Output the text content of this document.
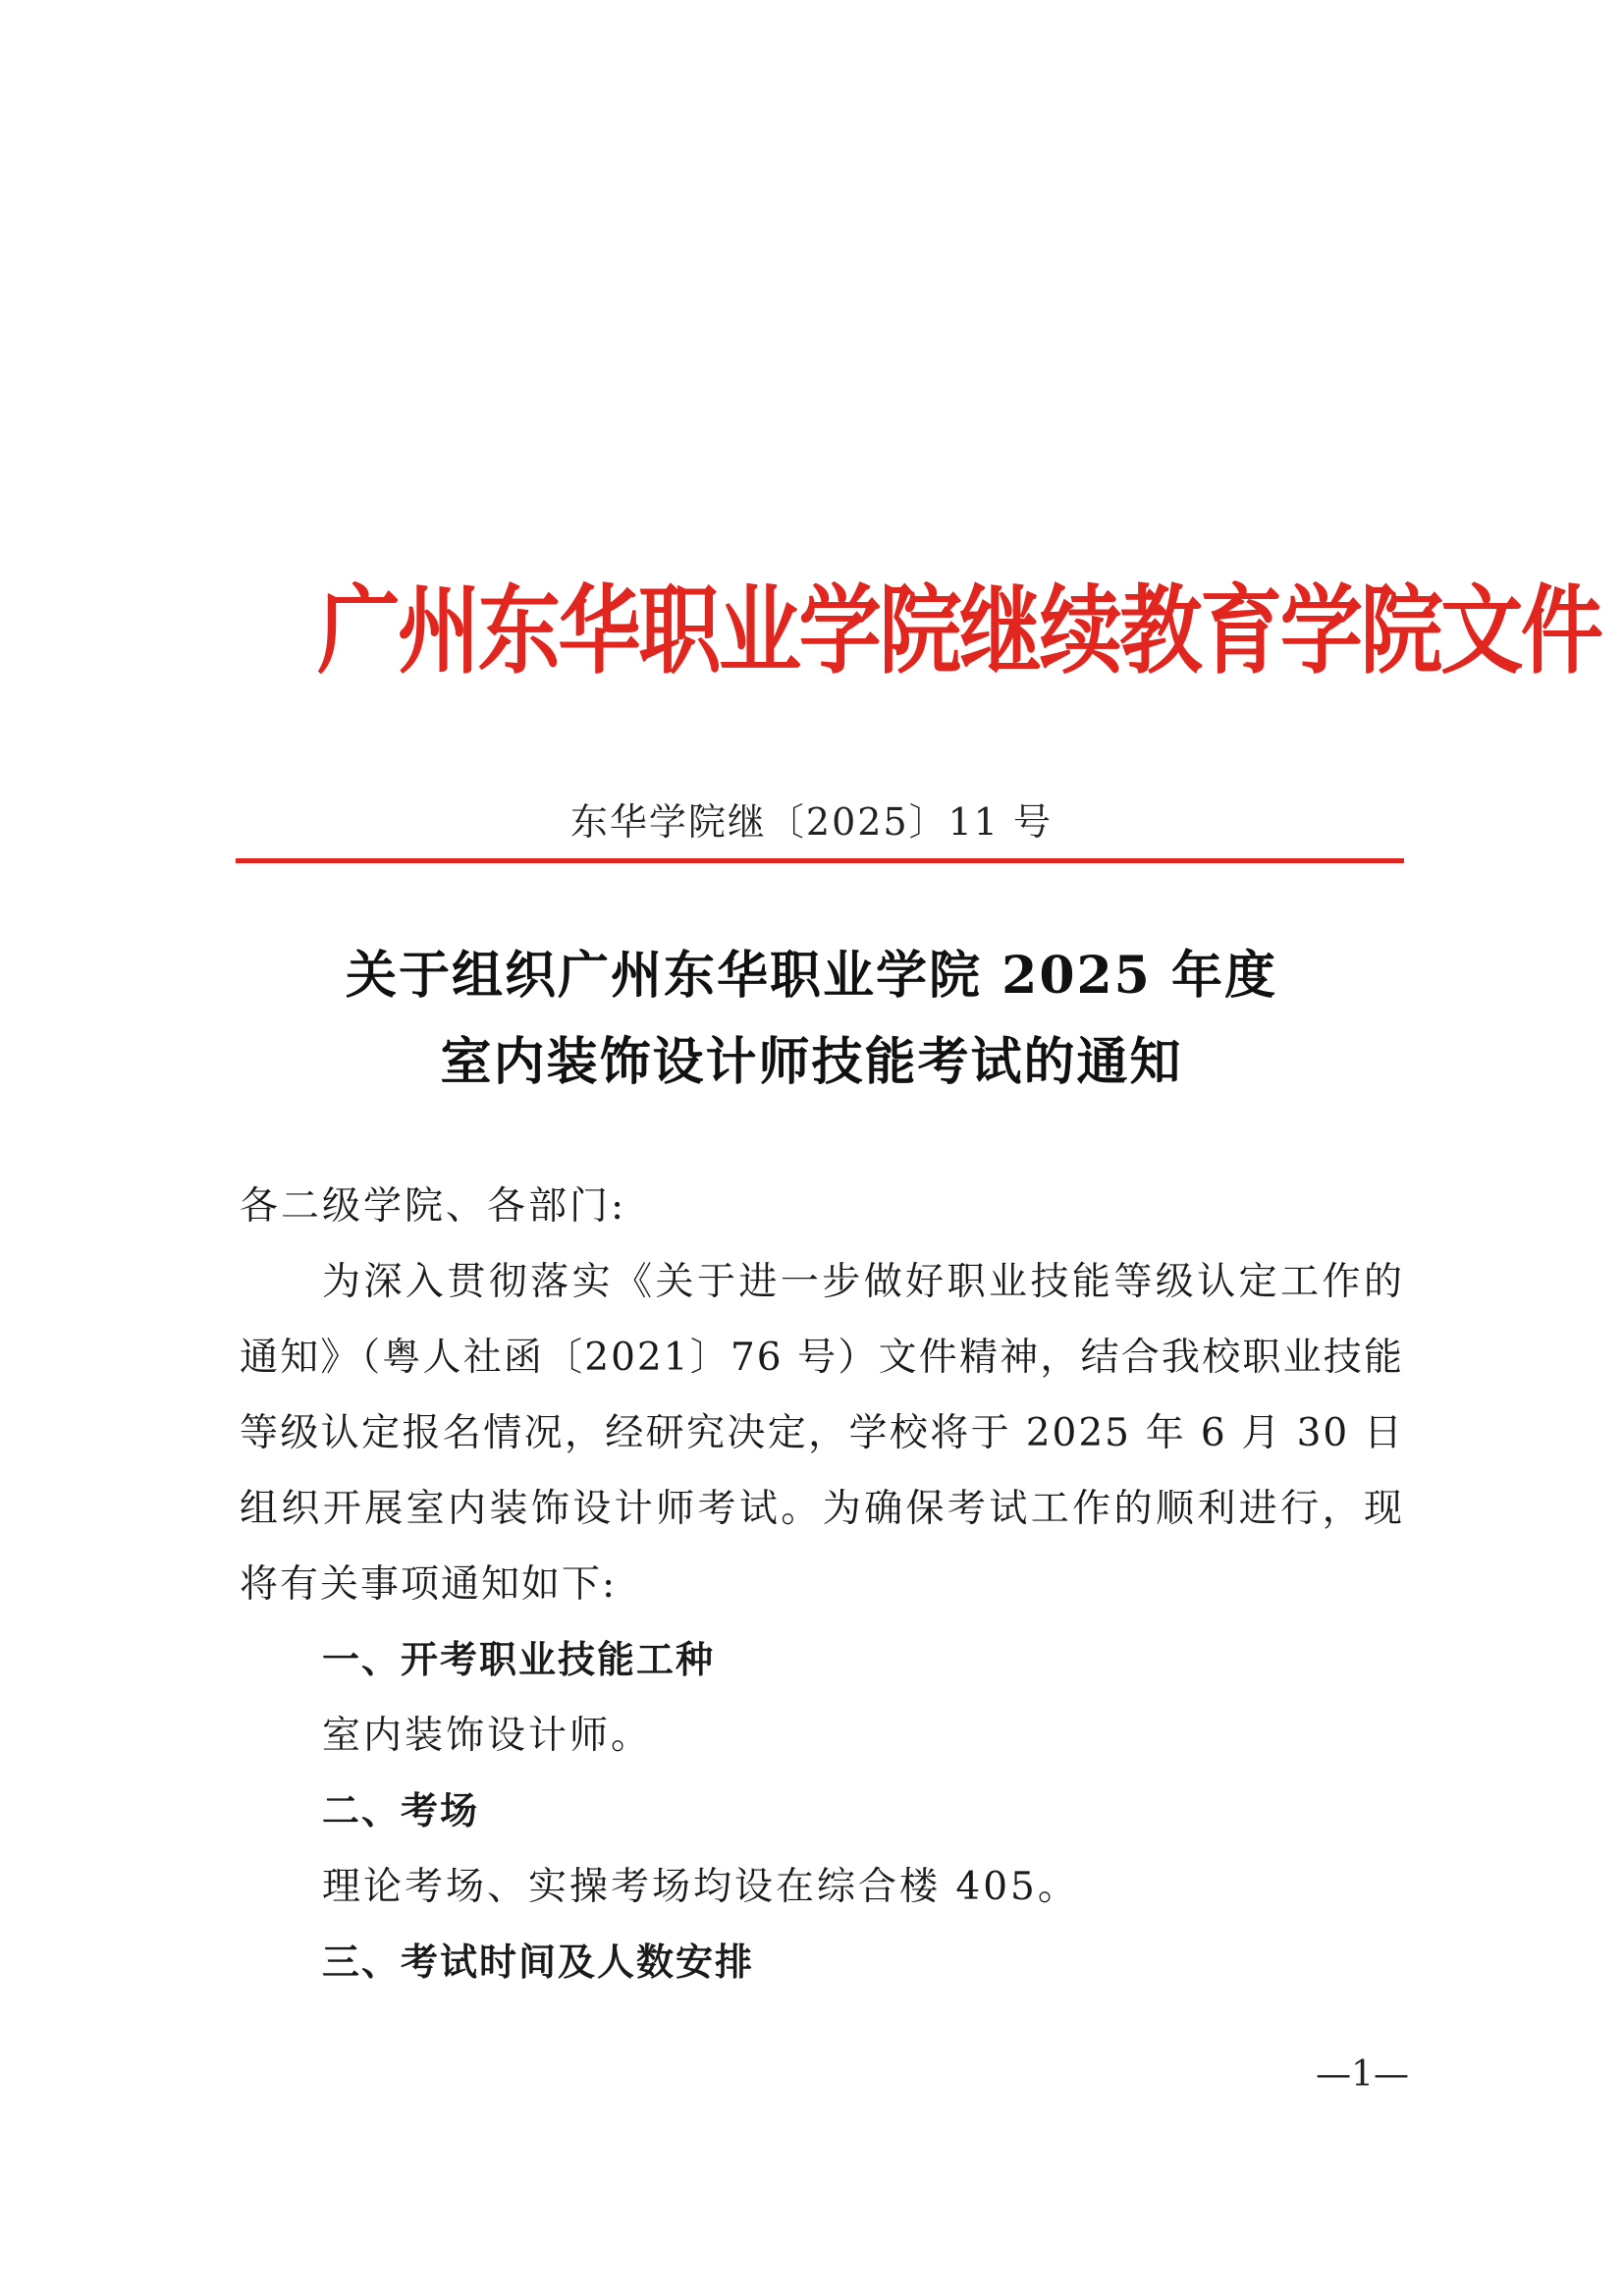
广州东华职业学院继续教育学院文件
东华学院继〔2025〕11 号
关于组织广州东华职业学院 2025 年度
室内装饰设计师技能考试的通知

各二级学院、各部门:

为深入贯彻落实《关于进一步做好职业技能等级认定工作的通知》（粤人社函〔2021〕76 号）文件精神，结合我校职业技能等级认定报名情况，经研究决定，学校将于 2025 年 6 月 30 日组织开展室内装饰设计师考试。为确保考试工作的顺利进行，现将有关事项通知如下:

一、开考职业技能工种

室内装饰设计师。

二、考场

理论考场、实操考场均设在综合楼 405。

三、考试时间及人数安排

—1—
